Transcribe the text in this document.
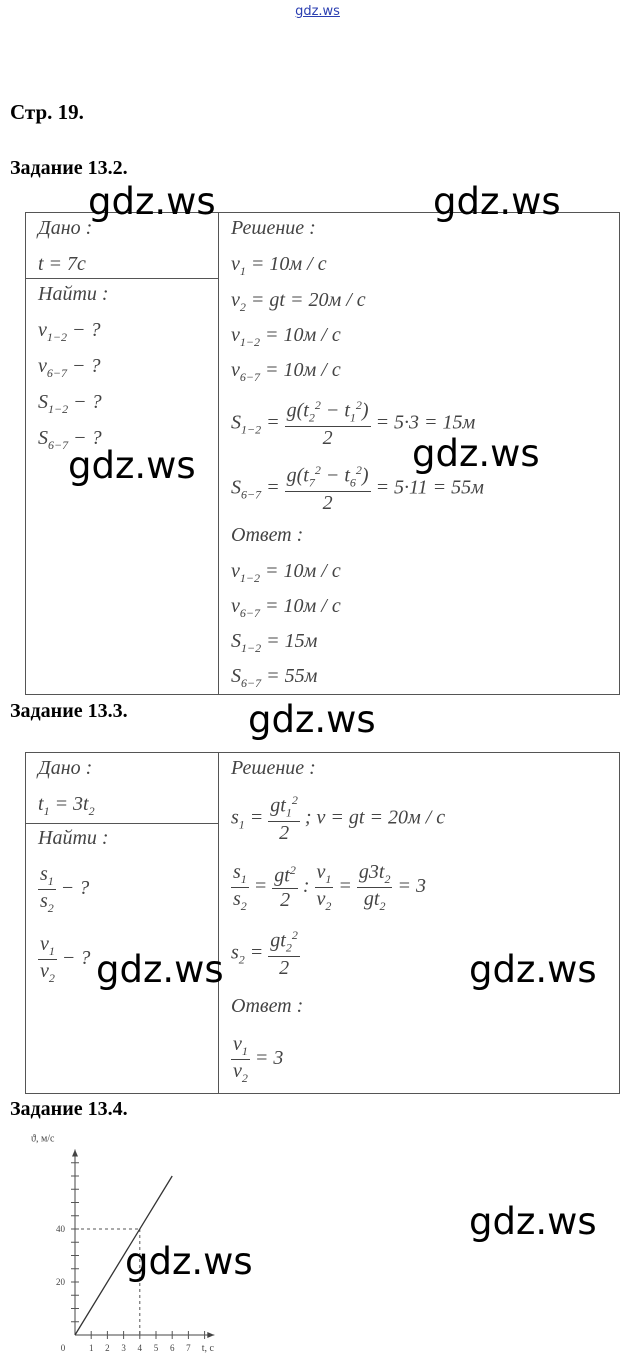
gdz.ws
Стр. 19.
Задание 13.2.
Дано :
t = 7c
Найти :
$v_{1-2}$ − ?
$v_{6-7}$ − ?
$S_{1-2}$ − ?
$S_{6-7}$ − ?
Решение :
$v_1 = 10м / с$
$v_2$ = gt = 20м / с
$v_{1-2} = 10м / с$
$v_{6-7} = 10м / с$
$S_{1-2} = \frac{g(t_2^2 - t_1^2)}{2} = 5\cdot 3 = 15м$
$S_{6-7} = \frac{g(t_7^2 - t_6^2)}{2} = 5\cdot 11 = 55м$
Ответ :
$v_{1-2} = 10м / с$
$v_{6-7} = 10м / с$
$S_{1-2} = 15м$
$S_{6-7} = 55м$
Задание 13.3.
Дано :
$t_1 = 3t_2$
Найти :
$\frac{s_1}{s_2}$ − ?
$\frac{v_1}{v_2}$ − ?
Решение :
$s_1 = \frac{gt_1^2}{2}$ ; v = gt = 20м / с
$\frac{s_1}{s_2} = \frac{gt^2}{2}$ : $\frac{v_1}{v_2} = \frac{g3t_2}{gt_2} = 3$
$s_2 = \frac{gt_2^2}{2}$
Ответ :
$\frac{v_1}{v_2} = 3$
Задание 13.4.
0	1 2 3 4 5 6 7
20
40
ϑ, м/с
t, c
gdz.ws	gdz.ws
gdz.ws	gdz.ws
gdz.ws
gdz.ws	gdz.ws
gdz.ws
gdz.ws
